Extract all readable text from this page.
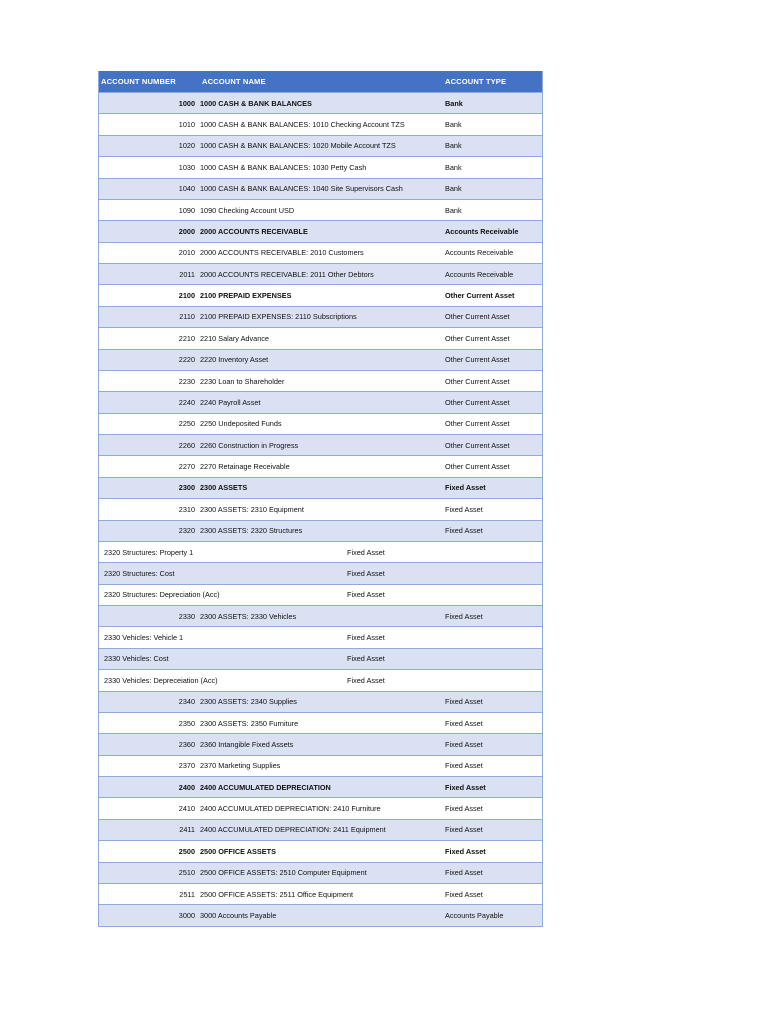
ACCOUNT NUMBER	ACCOUNT NAME	ACCOUNT TYPE
1000 1000 CASH & BANK BALANCES	Bank
1010 1000 CASH & BANK BALANCES: 1010 Checking Account TZS	Bank
1020 1000 CASH & BANK BALANCES: 1020 Mobile Account TZS	Bank
1030 1000 CASH & BANK BALANCES: 1030 Petty Cash	Bank
1040 1000 CASH & BANK BALANCES: 1040 Site Supervisors Cash	Bank
1090 1090 Checking Account USD	Bank
2000 2000 ACCOUNTS RECEIVABLE	Accounts Receivable
2010 2000 ACCOUNTS RECEIVABLE: 2010 Customers	Accounts Receivable
2011 2000 ACCOUNTS RECEIVABLE: 2011 Other Debtors	Accounts Receivable
2100 2100 PREPAID EXPENSES	Other Current Asset
2110 2100 PREPAID EXPENSES: 2110 Subscriptions	Other Current Asset
2210 2210 Salary Advance	Other Current Asset
2220 2220 Inventory Asset	Other Current Asset
2230 2230 Loan to Shareholder	Other Current Asset
2240 2240 Payroll Asset	Other Current Asset
2250 2250 Undeposited Funds	Other Current Asset
2260 2260 Construction in Progress	Other Current Asset
2270 2270 Retainage Receivable	Other Current Asset
2300 2300 ASSETS	Fixed Asset
2310 2300 ASSETS: 2310 Equipment	Fixed Asset
2320 2300 ASSETS: 2320 Structures	Fixed Asset
2320 Structures: Property 1	Fixed Asset
2320 Structures: Cost	Fixed Asset
2320 Structures: Depreciation (Acc)	Fixed Asset
2330 2300 ASSETS: 2330 Vehicles	Fixed Asset
2330 Vehicles: Vehicle 1	Fixed Asset
2330 Vehicles: Cost	Fixed Asset
2330 Vehicles: Depreceiation (Acc)	Fixed Asset
2340 2300 ASSETS: 2340 Supplies	Fixed Asset
2350 2300 ASSETS: 2350 Furniture	Fixed Asset
2360 2360 Intangible Fixed Assets	Fixed Asset
2370 2370 Marketing Supplies	Fixed Asset
2400 2400 ACCUMULATED DEPRECIATION	Fixed Asset
2410 2400 ACCUMULATED DEPRECIATION: 2410 Furniture	Fixed Asset
2411 2400 ACCUMULATED DEPRECIATION: 2411 Equipment	Fixed Asset
2500 2500 OFFICE ASSETS	Fixed Asset
2510 2500 OFFICE ASSETS: 2510 Computer Equipment	Fixed Asset
2511 2500 OFFICE ASSETS: 2511 Office Equipment	Fixed Asset
3000 3000 Accounts Payable	Accounts Payable
